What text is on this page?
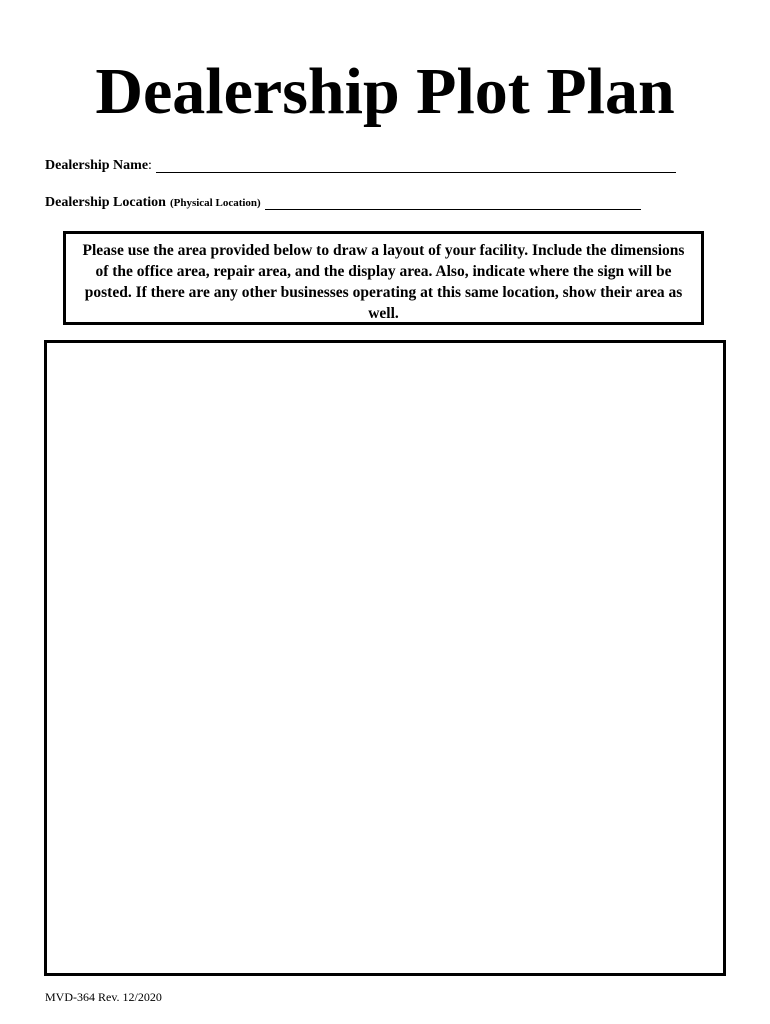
Dealership Plot Plan
Dealership Name :
Dealership Location (Physical Location)
Please use the area provided below to draw a layout of your facility. Include the dimensions of the office area, repair area, and the display area. Also, indicate where the sign will be posted. If there are any other businesses operating at this same location, show their area as well.
MVD-364 Rev. 12/2020
